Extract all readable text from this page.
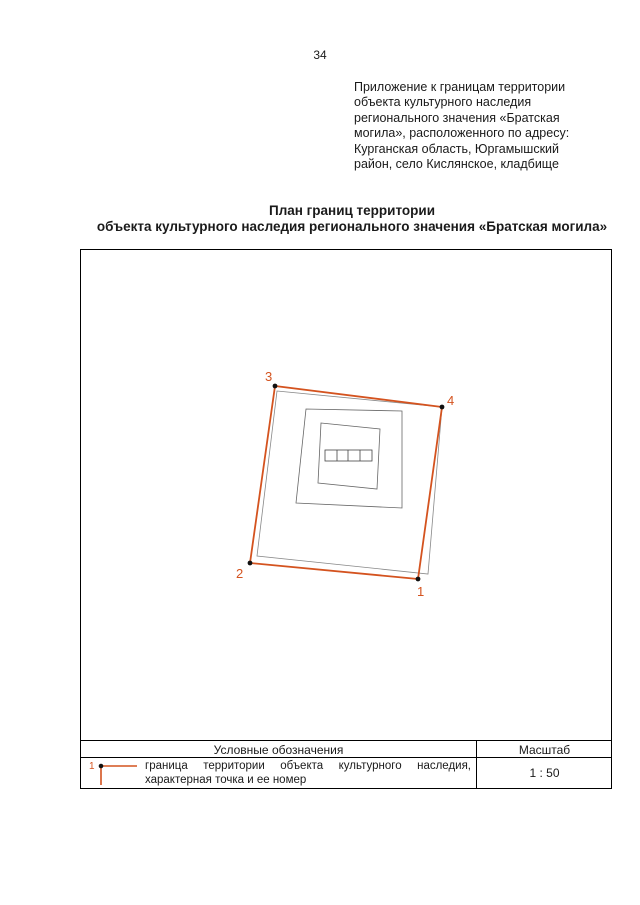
34
Приложение к границам территории
объекта культурного наследия
регионального значения «Братская
могила», расположенного по адресу:
Курганская область, Юргамышский
район, село Кислянское, кладбище
План границ территории
объекта культурного наследия регионального значения «Братская могила»
1
2
3
4
Условные обозначения	Масштаб
1	граница территории объекта культурного наследия, характерная точка и ее номер	1 : 50
